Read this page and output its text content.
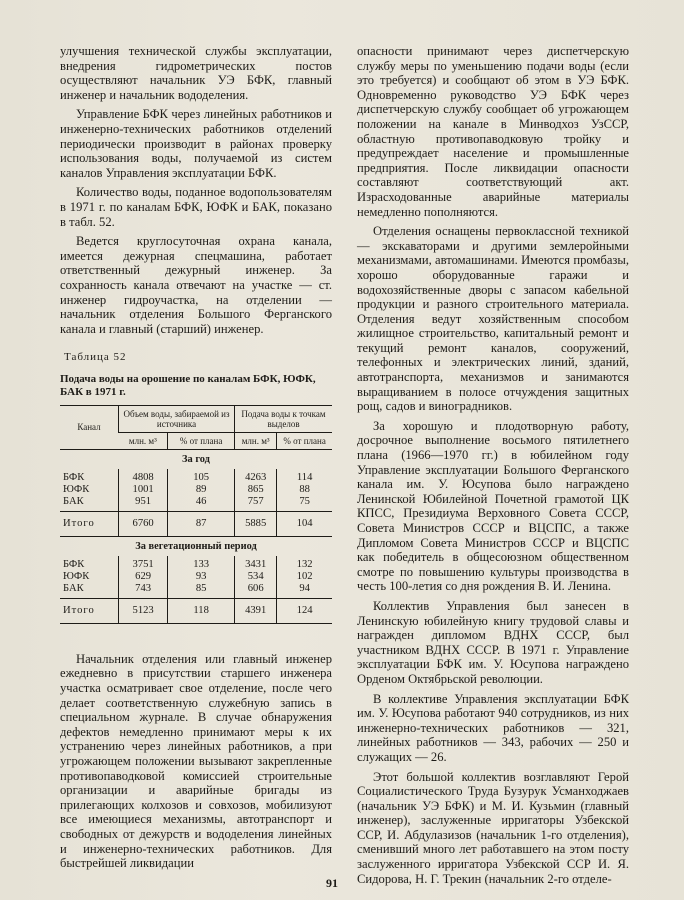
улучшения технической службы эксплуатации, внедрения гидрометрических постов осуществляют начальник УЭ БФК, главный инженер и начальник вододеления.

Управление БФК через линейных работников и инженерно-технических работников отделений периодически производит в районах проверку использования воды, получаемой из систем каналов Управления эксплуатации БФК.

Количество воды, поданное водопользователям в 1971 г. по каналам БФК, ЮФК и БАК, показано в табл. 52.

Ведется круглосуточная охрана канала, имеется дежурная спецмашина, работает ответственный дежурный инженер. За сохранность канала отвечают на участке — ст. инженер гидроучастка, на отделении — начальник отделения Большого Ферганского канала и главный (старший) инженер.

Таблица 52
Подача воды на орошение по каналам БФК, ЮФК, БАК в 1971 г.
Канал	Объем воды, забираемой из источника		Подача воды к точкам выделов	
	млн. м³	% от плана	млн. м³	% от плана
За год				
БФК	4808	105	4263	114
ЮФК	1001	89	865	88
БАК	951	46	757	75
Итого	6760	87	5885	104
За вегетационный период				
БФК	3751	133	3431	132
ЮФК	629	93	534	102
БАК	743	85	606	94
Итого	5123	118	4391	124

Начальник отделения или главный инженер ежедневно в присутствии старшего инженера участка осматривает свое отделение, после чего делает соответственную служебную запись в специальном журнале. В случае обнаружения дефектов немедленно принимают меры к их устранению через линейных работников, а при угрожающем положении вызывают закрепленные противопаводковой комиссией строительные организации и аварийные бригады из прилегающих колхозов и совхозов, мобилизуют все имеющиеся механизмы, автотранспорт и свободных от дежурств и вододеления линейных и инженерно-технических работников. Для быстрейшей ликвидации

опасности принимают через диспетчерскую службу меры по уменьшению подачи воды (если это требуется) и сообщают об этом в УЭ БФК. Одновременно руководство УЭ БФК через диспетчерскую службу сообщает об угрожающем положении на канале в Минводхоз УзССР, областную противопаводковую тройку и предупреждает население и промышленные предприятия. После ликвидации опасности составляют соответствующий акт. Израсходованные аварийные материалы немедленно пополняются.

Отделения оснащены первоклассной техникой — экскаваторами и другими землеройными механизмами, автомашинами. Имеются промбазы, хорошо оборудованные гаражи и водохозяйственные дворы с запасом кабельной продукции и разного строительного материала. Отделения ведут хозяйственным способом жилищное строительство, капитальный ремонт и текущий ремонт каналов, сооружений, телефонных и электрических линий, зданий, автотранспорта, механизмов и занимаются выращиванием в полосе отчуждения защитных рощ, садов и виноградников.

За хорошую и плодотворную работу, досрочное выполнение восьмого пятилетнего плана (1966—1970 гг.) в юбилейном году Управление эксплуатации Большого Ферганского канала им. У. Юсупова было награждено Ленинской Юбилейной Почетной грамотой ЦК КПСС, Президиума Верховного Совета СССР, Совета Министров СССР и ВЦСПС, а также Дипломом Совета Министров СССР и ВЦСПС как победитель в общесоюзном общественном смотре по повышению культуры производства в честь 100-летия со дня рождения В. И. Ленина.

Коллектив Управления был занесен в Ленинскую юбилейную книгу трудовой славы и награжден дипломом ВДНХ СССР, был участником ВДНХ СССР. В 1971 г. Управление эксплуатации БФК им. У. Юсупова награждено Орденом Октябрьской революции.

В коллективе Управления эксплуатации БФК им. У. Юсупова работают 940 сотрудников, из них инженерно-технических работников — 321, линейных работников — 343, рабочих — 250 и служащих — 26.

Этот большой коллектив возглавляют Герой Социалистического Труда Бузурук Усманходжаев (начальник УЭ БФК) и М. И. Кузьмин (главный инженер), заслуженные ирригаторы Узбекской ССР, И. Абдулазизов (начальник 1-го отделения), сменивший много лет работавшего на этом посту заслуженного ирригатора Узбекской ССР И. Я. Сидорова, Н. Г. Трекин (начальник 2-го отделе-

91
